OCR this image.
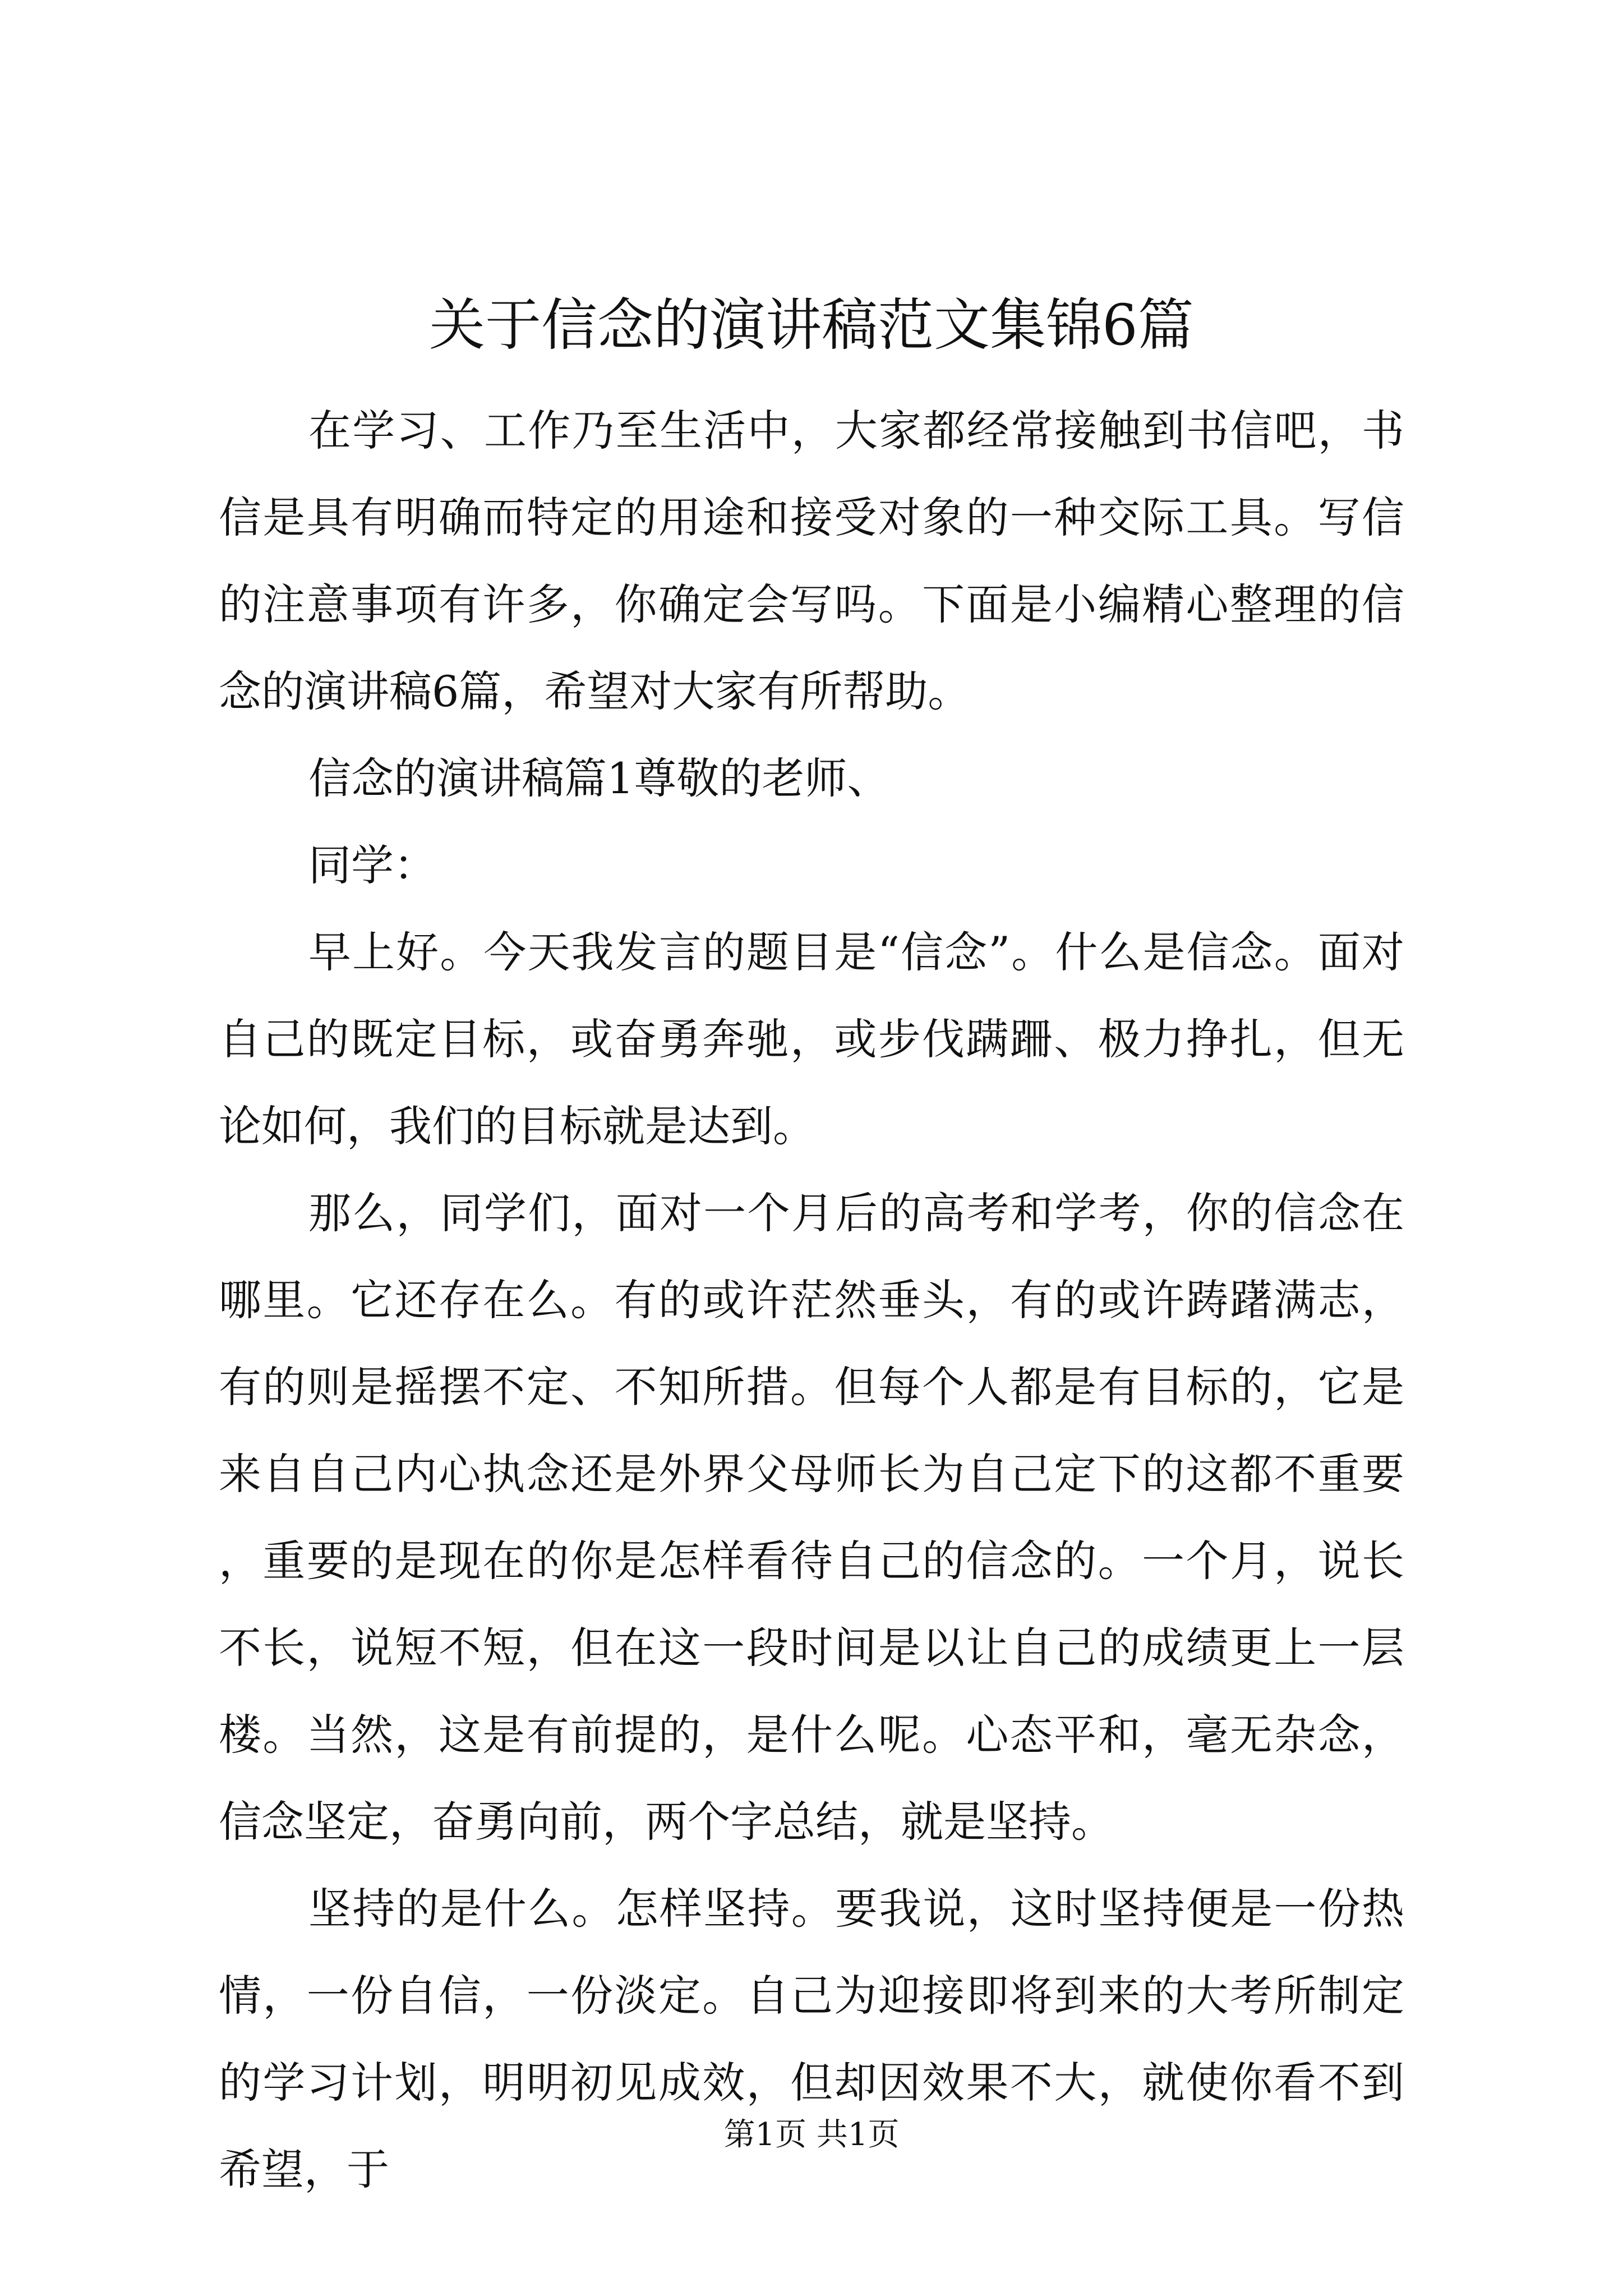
关于信念的演讲稿范文集锦6篇

在学习、工作乃至生活中，大家都经常接触到书信吧，书信是具有明确而特定的用途和接受对象的一种交际工具。写信的注意事项有许多，你确定会写吗。下面是小编精心整理的信念的演讲稿6篇，希望对大家有所帮助。

信念的演讲稿篇1尊敬的老师、

同学：

早上好。今天我发言的题目是“信念”。什么是信念。面对自己的既定目标，或奋勇奔驰，或步伐蹒跚、极力挣扎，但无论如何，我们的目标就是达到。

那么，同学们，面对一个月后的高考和学考，你的信念在哪里。它还存在么。有的或许茫然垂头，有的或许踌躇满志，有的则是摇摆不定、不知所措。但每个人都是有目标的，它是来自自己内心执念还是外界父母师长为自己定下的这都不重要，重要的是现在的你是怎样看待自己的信念的。一个月，说长不长，说短不短，但在这一段时间是以让自己的成绩更上一层楼。当然，这是有前提的，是什么呢。心态平和，毫无杂念，信念坚定，奋勇向前，两个字总结，就是坚持。

坚持的是什么。怎样坚持。要我说，这时坚持便是一份热情，一份自信，一份淡定。自己为迎接即将到来的大考所制定的学习计划，明明初见成效，但却因效果不大，就使你看不到希望，于

第1页 共1页
